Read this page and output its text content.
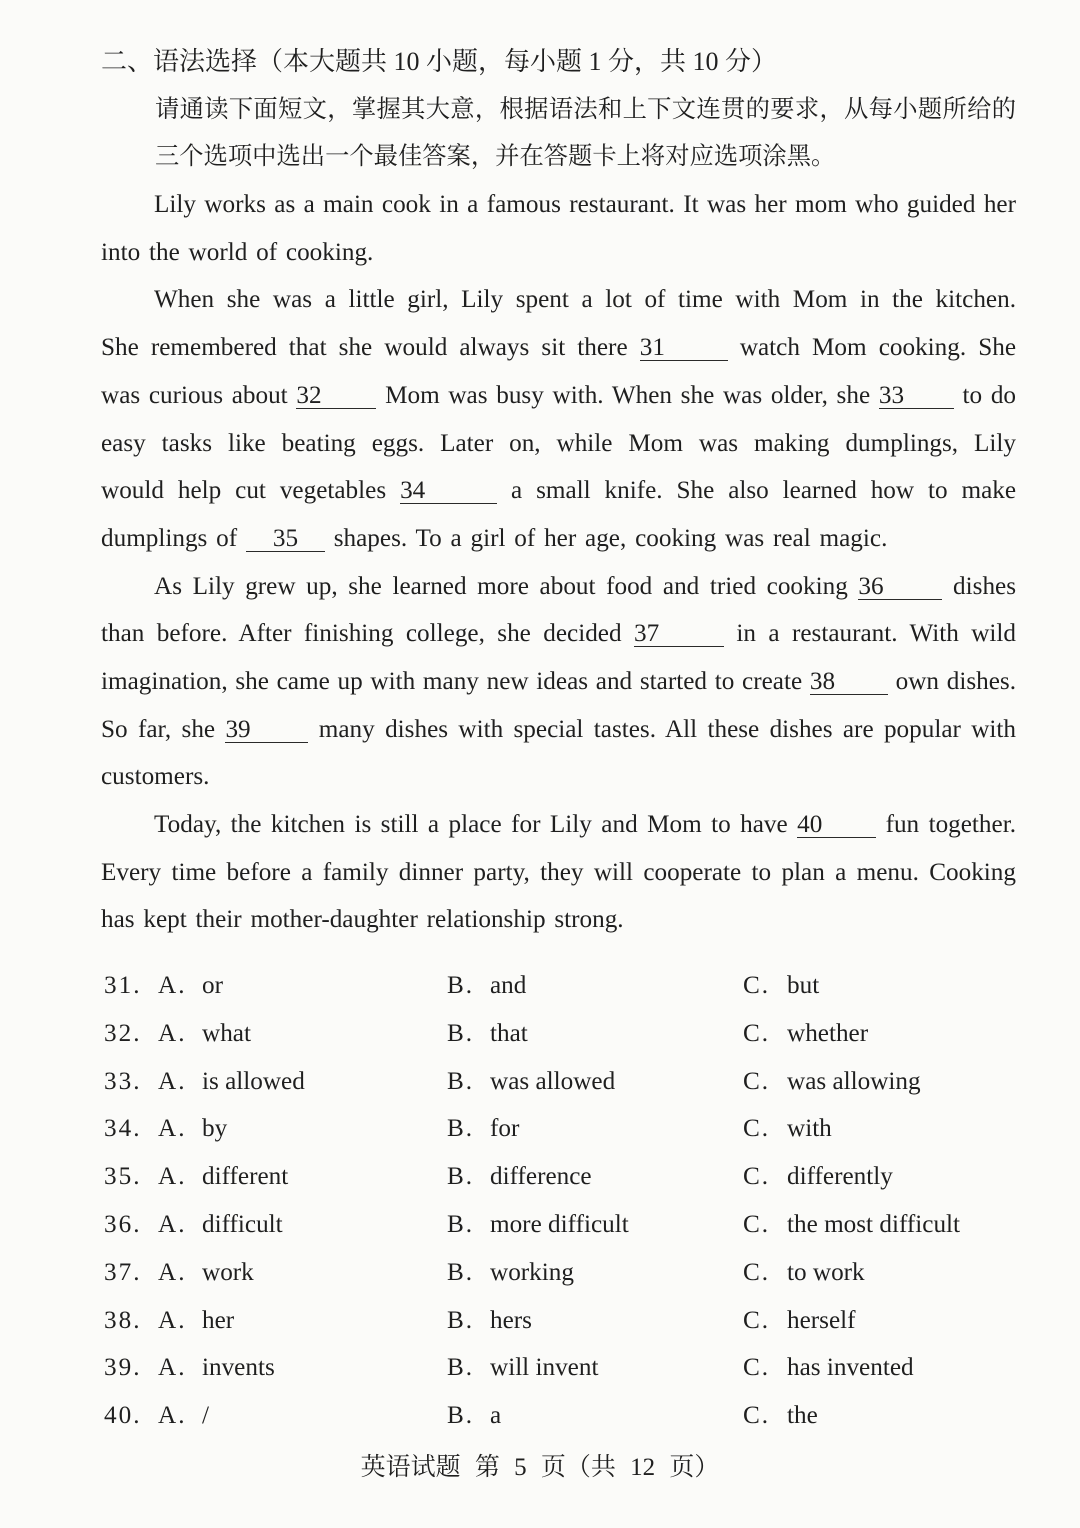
二、语法选择（本大题共 10 小题，每小题 1 分，共 10 分）
请通读下面短文，掌握其大意，根据语法和上下文连贯的要求，从每小题所给的
三个选项中选出一个最佳答案，并在答题卡上将对应选项涂黑。
Lily works as a main cook in a famous restaurant. It was her mom who guided her
into the world of cooking.
When she was a little girl, Lily spent a lot of time with Mom in the kitchen.
She remembered that she would always sit there 31	watch Mom cooking. She
was curious about 32	Mom was busy with. When she was older, she 33 to do
easy tasks like beating eggs. Later on, while Mom was making dumplings, Lily
would help cut vegetables 34	a small knife. She also learned how to make
dumplings of 35 shapes. To a girl of her age, cooking was real magic.
As Lily grew up, she learned more about food and tried cooking 36	dishes
than before. After finishing college, she decided 37	in a restaurant. With wild
imagination, she came up with many new ideas and started to create 38 own dishes.
So far, she 39	many dishes with special tastes. All these dishes are popular with
customers.
Today, the kitchen is still a place for Lily and Mom to have 40	fun together.
Every time before a family dinner party, they will cooperate to plan a menu. Cooking
has kept their mother-daughter relationship strong.
31. A. or	B. and	C. but
32. A. what	B. that	C. whether
33. A. is allowed	B. was allowed	C. was allowing
34. A. by	B. for	C. with
35. A. different	B. difference	C. differently
36. A. difficult	B. more difficult	C. the most difficult
37. A. work	B. working	C. to work
38. A. her	B. hers	C. herself
39. A. invents	B. will invent	C. has invented
40. A. /	B. a	C. the
英语试题 第 5 页（共 12 页）
